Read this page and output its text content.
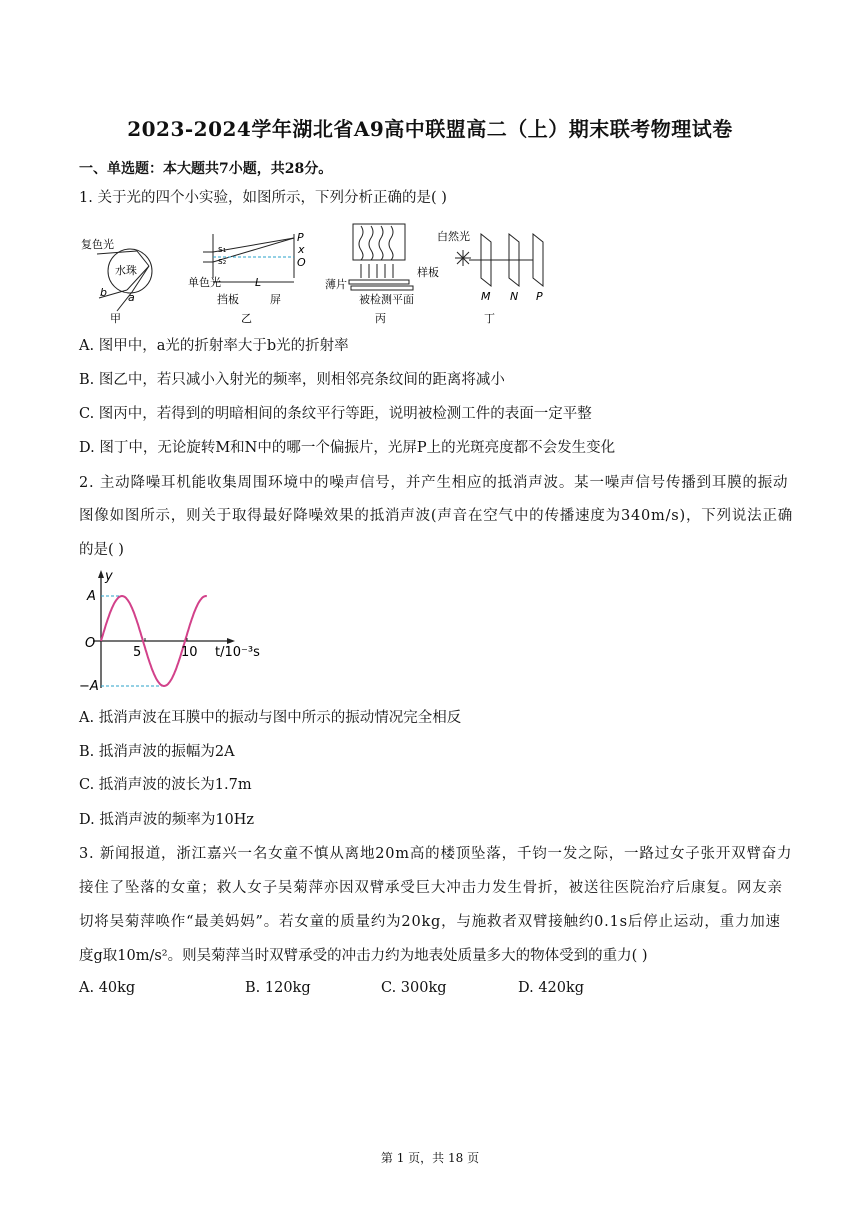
2023-2024学年湖北省A9高中联盟高二（上）期末联考物理试卷
一、单选题：本大题共7小题，共28分。
1. 关于光的四个小实验，如图所示，下列分析正确的是( )
复色光
水珠
b a
甲
s₁
s₂
P
x
O
L
单色光
挡板	屏
乙
样板
薄片
被检测平面
丙
白然光
M N P
丁
A. 图甲中，a光的折射率大于b光的折射率
B. 图乙中，若只减小入射光的频率，则相邻亮条纹间的距离将减小
C. 图丙中，若得到的明暗相间的条纹平行等距，说明被检测工件的表面一定平整
D. 图丁中，无论旋转M和N中的哪一个偏振片，光屏P上的光斑亮度都不会发生变化
2. 主动降噪耳机能收集周围环境中的噪声信号，并产生相应的抵消声波。某一噪声信号传播到耳膜的振动
图像如图所示，则关于取得最好降噪效果的抵消声波(声音在空气中的传播速度为340m/s)，下列说法正确
的是( )
y
A
−A
O
5	10 t/10⁻³s
A. 抵消声波在耳膜中的振动与图中所示的振动情况完全相反
B. 抵消声波的振幅为2A
C. 抵消声波的波长为1.7m
D. 抵消声波的频率为10Hz
3. 新闻报道，浙江嘉兴一名女童不慎从离地20m高的楼顶坠落，千钧一发之际，一路过女子张开双臂奋力
接住了坠落的女童；救人女子吴菊萍亦因双臂承受巨大冲击力发生骨折，被送往医院治疗后康复。网友亲
切将吴菊萍唤作“最美妈妈”。若女童的质量约为20kg，与施救者双臂接触约0.1s后停止运动，重力加速
度g取10m/s²。则吴菊萍当时双臂承受的冲击力约为地表处质量多大的物体受到的重力( )
A. 40kg	B. 120kg	C. 300kg	D. 420kg
第 1 页，共 18 页
